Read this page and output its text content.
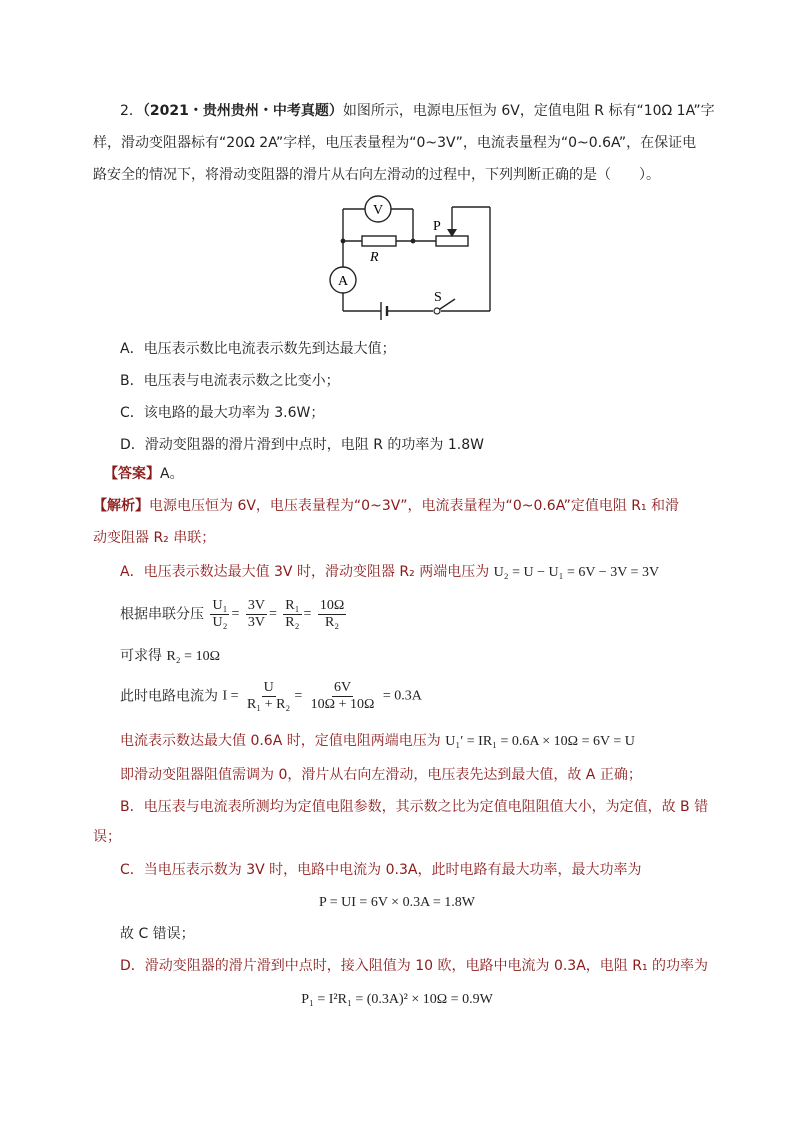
2．（2021・贵州贵州・中考真题）如图所示，电源电压恒为 6V，定值电阻 R 标有“10Ω 1A”字
样，滑动变阻器标有“20Ω 2A”字样，电压表量程为“0~3V”，电流表量程为“0~0.6A”，在保证电
路安全的情况下，将滑动变阻器的滑片从右向左滑动的过程中，下列判断正确的是（　　）。
V
A
P
R
S
A．电压表示数比电流表示数先到达最大值；
B．电压表与电流表示数之比变小；
C．该电路的最大功率为 3.6W；
D．滑动变阻器的滑片滑到中点时，电阻 R 的功率为 1.8W
【答案】A。
【解析】电源电压恒为 6V，电压表量程为“0~3V”，电流表量程为“0~0.6A”定值电阻 R₁ 和滑
动变阻器 R₂ 串联；
A．电压表示数达最大值 3V 时，滑动变阻器 R₂ 两端电压为 U₂ = U − U₁ = 6V − 3V = 3V
根据串联分压 $\frac{\text{U₁}}{\text{U₂}} = \frac{3V}{3V} = \frac{\text{R₁}}{\text{R₂}} = \frac{10\Omega}{\text{R₂}}$
可求得 R₂ = 10Ω
此时电路电流为 $I = \frac{U}{\text{R₁ + R₂}} = \frac{6V}{10\Omega + 10\Omega} = 0.3A$
电流表示数达最大值 0.6A 时，定值电阻两端电压为 U₁′ = IR₁ = 0.6A × 10Ω = 6V = U
即滑动变阻器阻值需调为 0，滑片从右向左滑动，电压表先达到最大值，故 A 正确；
B．电压表与电流表所测均为定值电阻参数，其示数之比为定值电阻阻值大小，为定值，故 B 错
误；
C．当电压表示数为 3V 时，电路中电流为 0.3A，此时电路有最大功率，最大功率为
P = UI = 6V × 0.3A = 1.8W
故 C 错误；
D．滑动变阻器的滑片滑到中点时，接入阻值为 10 欧，电路中电流为 0.3A，电阻 R₁ 的功率为
P₁ = I²R₁ = (0.3A)² × 10Ω = 0.9W
